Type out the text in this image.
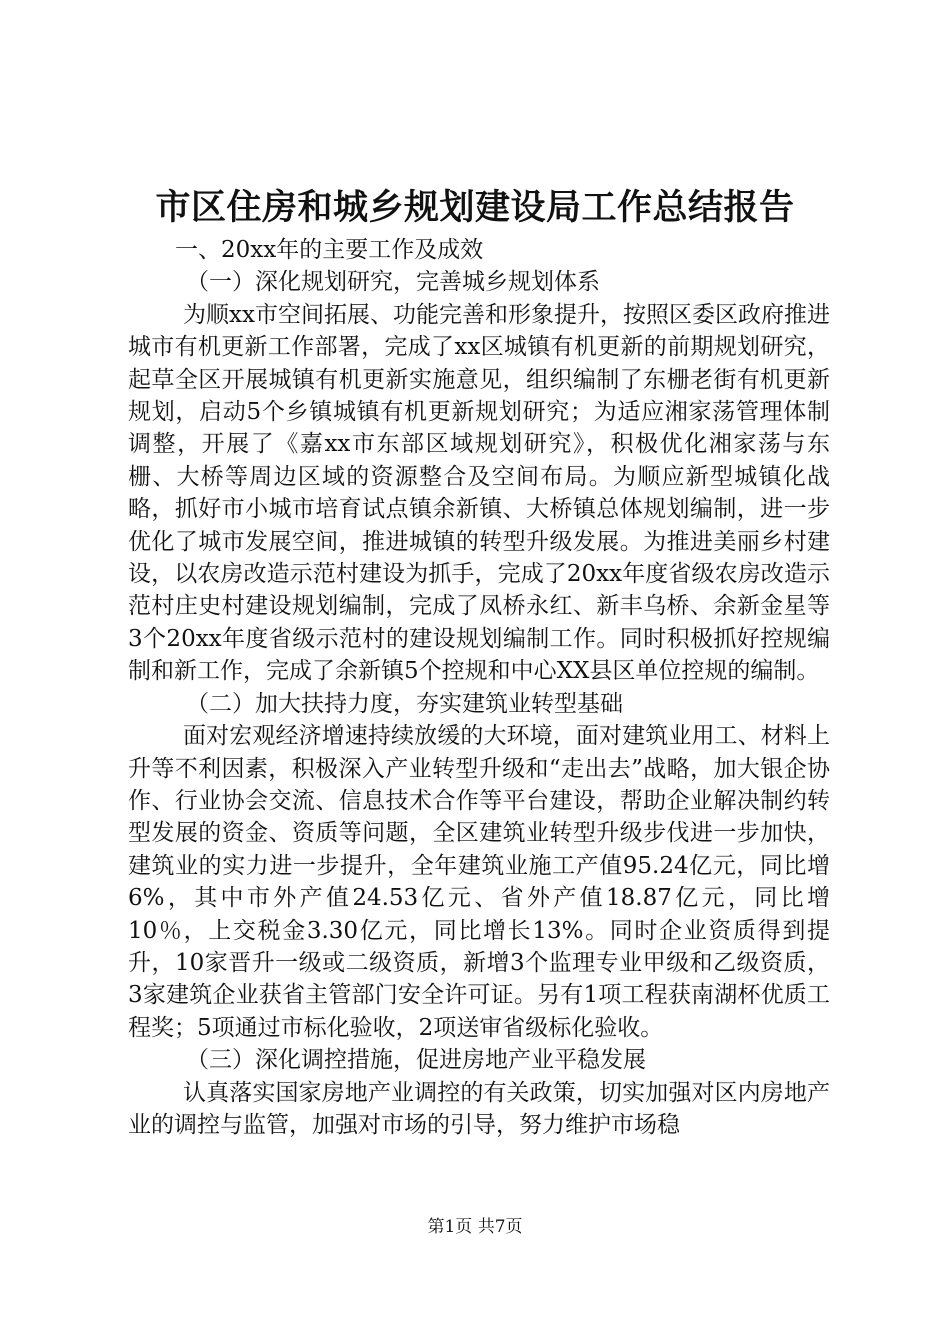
市区住房和城乡规划建设局工作总结报告

一、20xx年的主要工作及成效

（一）深化规划研究，完善城乡规划体系

为顺xx市空间拓展、功能完善和形象提升，按照区委区政府推进城市有机更新工作部署，完成了xx区城镇有机更新的前期规划研究，起草全区开展城镇有机更新实施意见，组织编制了东栅老街有机更新规划，启动5个乡镇城镇有机更新规划研究；为适应湘家荡管理体制调整，开展了《嘉xx市东部区域规划研究》，积极优化湘家荡与东栅、大桥等周边区域的资源整合及空间布局。为顺应新型城镇化战略，抓好市小城市培育试点镇余新镇、大桥镇总体规划编制，进一步优化了城市发展空间，推进城镇的转型升级发展。为推进美丽乡村建设，以农房改造示范村建设为抓手，完成了20xx年度省级农房改造示范村庄史村建设规划编制，完成了凤桥永红、新丰乌桥、余新金星等3个20xx年度省级示范村的建设规划编制工作。同时积极抓好控规编制和新工作，完成了余新镇5个控规和中心XX县区单位控规的编制。

（二）加大扶持力度，夯实建筑业转型基础

面对宏观经济增速持续放缓的大环境，面对建筑业用工、材料上升等不利因素，积极深入产业转型升级和“走出去”战略，加大银企协作、行业协会交流、信息技术合作等平台建设，帮助企业解决制约转型发展的资金、资质等问题，全区建筑业转型升级步伐进一步加快，建筑业的实力进一步提升，全年建筑业施工产值95.24亿元，同比增6%，其中市外产值24.53亿元、省外产值18.87亿元，同比增10％，上交税金3.30亿元，同比增长13%。同时企业资质得到提升，10家晋升一级或二级资质，新增3个监理专业甲级和乙级资质，3家建筑企业获省主管部门安全许可证。另有1项工程获南湖杯优质工程奖；5项通过市标化验收，2项送审省级标化验收。

（三）深化调控措施，促进房地产业平稳发展

认真落实国家房地产业调控的有关政策，切实加强对区内房地产业的调控与监管，加强对市场的引导，努力维护市场稳

第1页 共7页
